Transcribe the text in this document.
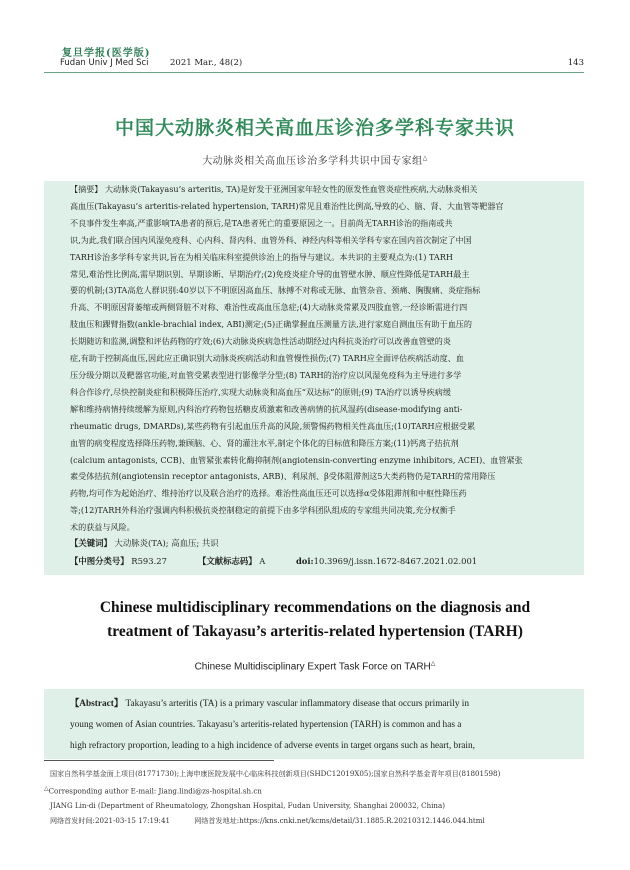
复旦学报(医学版)
Fudan Univ J Med Sci	2021 Mar., 48(2)	143
中国大动脉炎相关高血压诊治多学科专家共识
大动脉炎相关高血压诊治多学科共识中国专家组△
【摘要】 大动脉炎(Takayasu’s arteritis, TA)是好发于亚洲国家年轻女性的原发性血管炎症性疾病,大动脉炎相关
高血压(Takayasu’s arteritis-related hypertension, TARH)常见且难治性比例高,导致的心、脑、肾、大血管等靶器官
不良事件发生率高,严重影响TA患者的预后,是TA患者死亡的重要原因之一。目前尚无TARH诊治的指南或共
识,为此,我们联合国内风湿免疫科、心内科、肾内科、血管外科、神经内科等相关学科专家在国内首次制定了中国
TARH诊治多学科专家共识,旨在为相关临床科室提供诊治上的指导与建议。本共识的主要观点为:(1) TARH
常见,难治性比例高,需早期识别、早期诊断、早期治疗;(2)免疫炎症介导的血管壁水肿、顺应性降低是TARH最主
要的机制;(3)TA高危人群识别:40岁以下不明原因高血压、脉搏不对称或无脉、血管杂音、颈痛、胸腹痛、炎症指标
升高、不明原因肾萎缩或两侧肾脏不对称、难治性或高血压急症;(4)大动脉炎常累及四肢血管,一经诊断需进行四
肢血压和踝臂指数(ankle-brachial index, ABI)测定;(5)正确掌握血压测量方法,进行家庭自测血压有助于血压的
长期随访和监测,调整和评估药物的疗效;(6)大动脉炎疾病急性活动期经过内科抗炎治疗可以改善血管壁的炎
症,有助于控制高血压,因此应正确识别大动脉炎疾病活动和血管慢性损伤;(7) TARH应全面评估疾病活动度、血
压分级分期以及靶器官功能,对血管受累表型进行影像学分型;(8) TARH的治疗应以风湿免疫科为主导进行多学
科合作诊疗,尽快控制炎症和积极降压治疗,实现大动脉炎和高血压“双达标”的原则;(9) TA治疗以诱导疾病缓
解和维持病情持续缓解为原则,内科治疗药物包括糖皮质激素和改善病情的抗风湿药(disease-modifying anti-
rheumatic drugs, DMARDs),某些药物有引起血压升高的风险,须警惕药物相关性高血压;(10)TARH应根据受累
血管的病变程度选择降压药物,兼顾脑、心、肾的灌注水平,制定个体化的目标值和降压方案;(11)钙离子拮抗剂
(calcium antagonists, CCB)、血管紧张素转化酶抑制剂(angiotensin-converting enzyme inhibitors, ACEI)、血管紧张
素受体拮抗剂(angiotensin receptor antagonists, ARB)、利尿剂、β受体阻滞剂这5大类药物仍是TARH的常用降压
药物,均可作为起始治疗、维持治疗以及联合治疗的选择。难治性高血压还可以选择α受体阻滞剂和中枢性降压药
等;(12)TARH外科治疗强调内科积极抗炎控制稳定的前提下由多学科团队组成的专家组共同决策,充分权衡手
术的获益与风险。
【关键词】 大动脉炎(TA); 高血压; 共识
【中图分类号】 R593.27	【文献标志码】 A	doi:10.3969/j.issn.1672-8467.2021.02.001
Chinese multidisciplinary recommendations on the diagnosis and
treatment of Takayasu’s arteritis-related hypertension (TARH)
Chinese Multidisciplinary Expert Task Force on TARH△
【Abstract】 Takayasu’s arteritis (TA) is a primary vascular inflammatory disease that occurs primarily in
young women of Asian countries. Takayasu’s arteritis-related hypertension (TARH) is common and has a
high refractory proportion, leading to a high incidence of adverse events in target organs such as heart, brain,
国家自然科学基金面上项目(81771730);上海申康医院发展中心临床科技创新项目(SHDC12019X05);国家自然科学基金青年项目(81801598)
△Corresponding author E-mail: Jiang.lindi@zs-hospital.sh.cn
JIANG Lin-di (Department of Rheumatology, Zhongshan Hospital, Fudan University, Shanghai 200032, China)
网络首发时间:2021-03-15 17:19:41	网络首发地址:https://kns.cnki.net/kcms/detail/31.1885.R.20210312.1446.044.html
